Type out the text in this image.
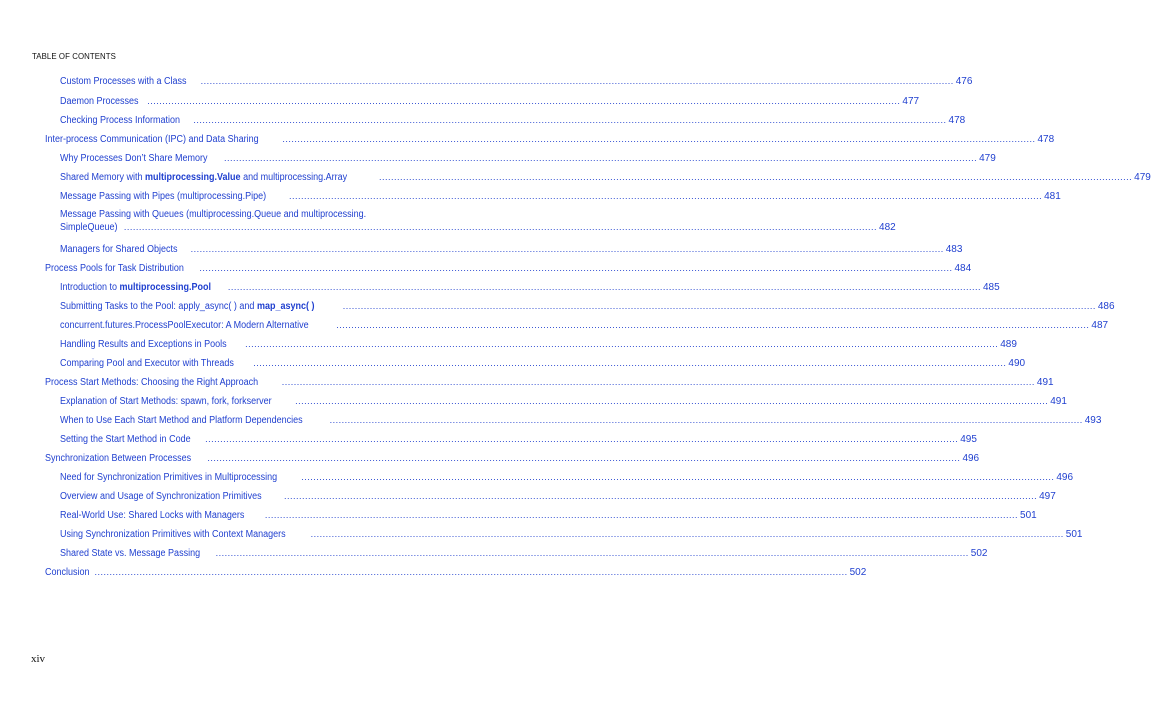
TABLE OF CONTENTS
Custom Processes with a Class .....	476
Daemon Processes .....	477
Checking Process Information .....	478
Inter-process Communication (IPC) and Data Sharing .....	478
Why Processes Don’t Share Memory .....	479
Shared Memory with multiprocessing.Value and multiprocessing.Array .....	479
Message Passing with Pipes (multiprocessing.Pipe) .....	481
Message Passing with Queues (multiprocessing.Queue and multiprocessing.
SimpleQueue) .....	482
Managers for Shared Objects .....	483
Process Pools for Task Distribution .....	484
Introduction to multiprocessing.Pool .....	485
Submitting Tasks to the Pool: apply_async( ) and map_async( ) .....	486
concurrent.futures.ProcessPoolExecutor: A Modern Alternative .....	487
Handling Results and Exceptions in Pools .....	489
Comparing Pool and Executor with Threads .....	490
Process Start Methods: Choosing the Right Approach .....	491
Explanation of Start Methods: spawn, fork, forkserver .....	491
When to Use Each Start Method and Platform Dependencies .....	493
Setting the Start Method in Code .....	495
Synchronization Between Processes .....	496
Need for Synchronization Primitives in Multiprocessing .....	496
Overview and Usage of Synchronization Primitives .....	497
Real-World Use: Shared Locks with Managers .....	501
Using Synchronization Primitives with Context Managers .....	501
Shared State vs. Message Passing .....	502
Conclusion .....	502
xiv
